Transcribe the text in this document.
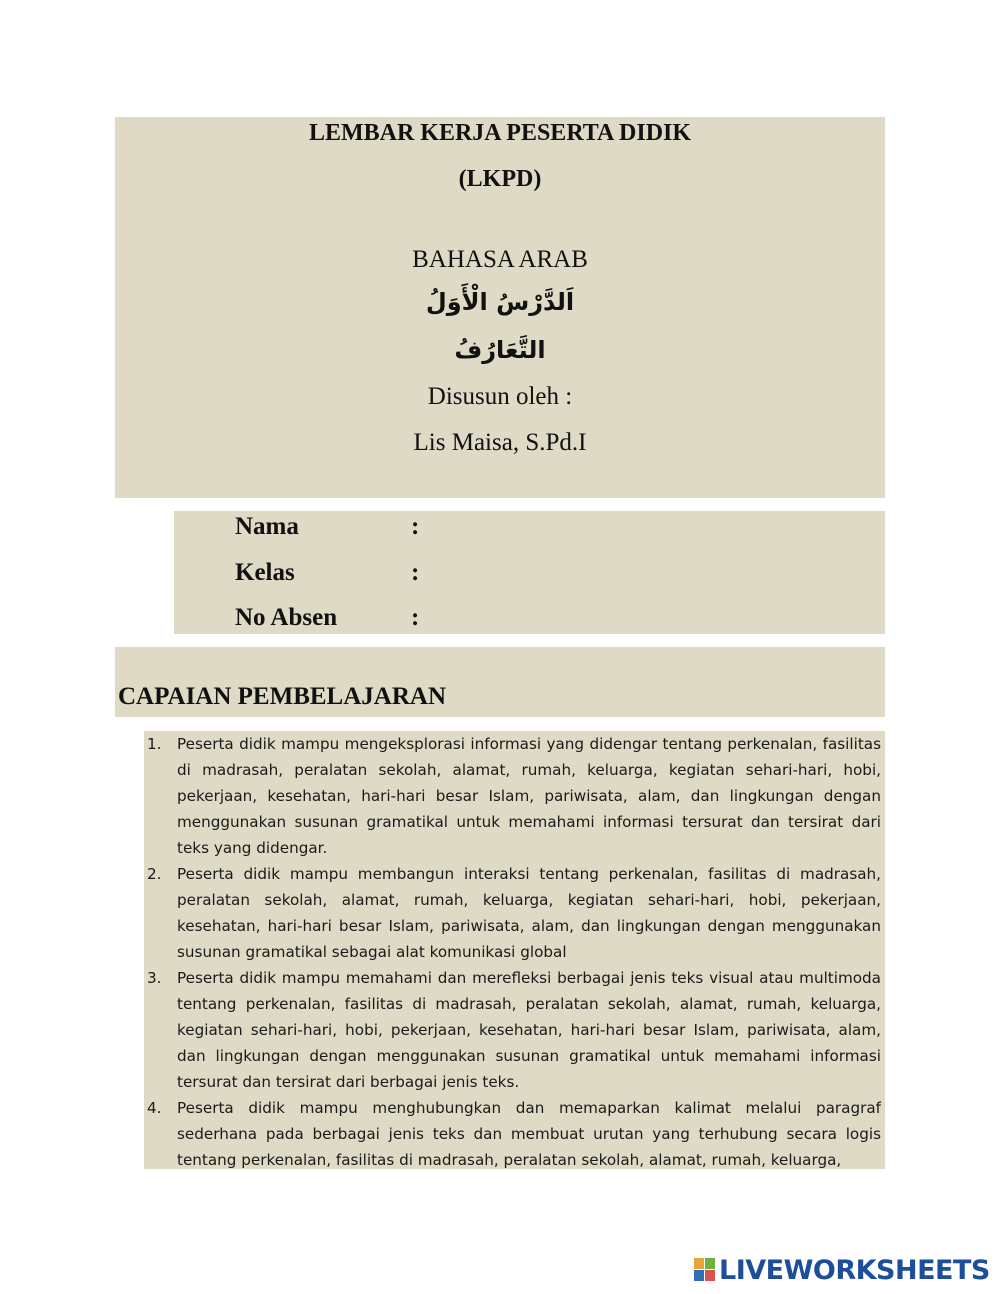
LEMBAR KERJA PESERTA DIDIK
(LKPD)
BAHASA ARAB
اَلدَّرْسُ الْأَوَلُ
التَّعَارُفُ
Disusun oleh :
Lis Maisa, S.Pd.I
Nama	:
Kelas	:
No Absen	:
CAPAIAN PEMBELAJARAN
1. Peserta didik mampu mengeksplorasi informasi yang didengar tentang perkenalan, fasilitas di madrasah, peralatan sekolah, alamat, rumah, keluarga, kegiatan sehari-hari, hobi, pekerjaan, kesehatan, hari-hari besar Islam, pariwisata, alam, dan lingkungan dengan menggunakan susunan gramatikal untuk memahami informasi tersurat dan tersirat dari teks yang didengar.
2. Peserta didik mampu membangun interaksi tentang perkenalan, fasilitas di madrasah, peralatan sekolah, alamat, rumah, keluarga, kegiatan sehari-hari, hobi, pekerjaan, kesehatan, hari-hari besar Islam, pariwisata, alam, dan lingkungan dengan menggunakan susunan gramatikal sebagai alat komunikasi global
3. Peserta didik mampu memahami dan merefleksi berbagai jenis teks visual atau multimoda tentang perkenalan, fasilitas di madrasah, peralatan sekolah, alamat, rumah, keluarga, kegiatan sehari-hari, hobi, pekerjaan, kesehatan, hari-hari besar Islam, pariwisata, alam, dan lingkungan dengan menggunakan susunan gramatikal untuk memahami informasi tersurat dan tersirat dari berbagai jenis teks.
4. Peserta didik mampu menghubungkan dan memaparkan kalimat melalui paragraf sederhana pada berbagai jenis teks dan membuat urutan yang terhubung secara logis tentang perkenalan, fasilitas di madrasah, peralatan sekolah, alamat, rumah, keluarga,
LIVEWORKSHEETS
